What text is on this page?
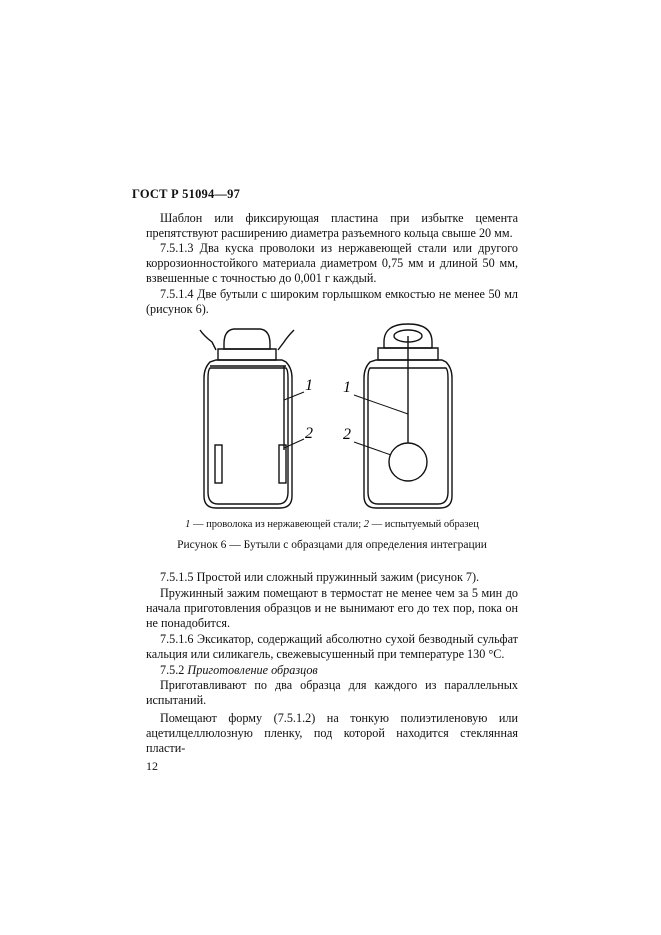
ГОСТ Р 51094—97
Шаблон или фиксирующая пластина при избытке цемента препятствуют расширению диаметра разъемного кольца свыше 20 мм.
7.5.1.3 Два куска проволоки из нержавеющей стали или другого коррозионностойкого материала диаметром 0,75 мм и длиной 50 мм, взвешенные с точностью до 0,001 г каждый.
7.5.1.4 Две бутыли с широким горлышком емкостью не менее 50 мл (рисунок 6).
1
2
1
2
1 — проволока из нержавеющей стали; 2 — испытуемый образец
Рисунок 6 — Бутыли с образцами для определения интеграции
7.5.1.5 Простой или сложный пружинный зажим (рисунок 7).
Пружинный зажим помещают в термостат не менее чем за 5 мин до начала приготовления образцов и не вынимают его до тех пор, пока он не понадобится.
7.5.1.6 Эксикатор, содержащий абсолютно сухой безводный сульфат кальция или силикагель, свежевысушенный при температуре 130 °С.
7.5.2 Приготовление образцов
Приготавливают по два образца для каждого из параллельных испытаний.
Помещают форму (7.5.1.2) на тонкую полиэтиленовую или ацетилцеллюлозную пленку, под которой находится стеклянная пласти-
12
